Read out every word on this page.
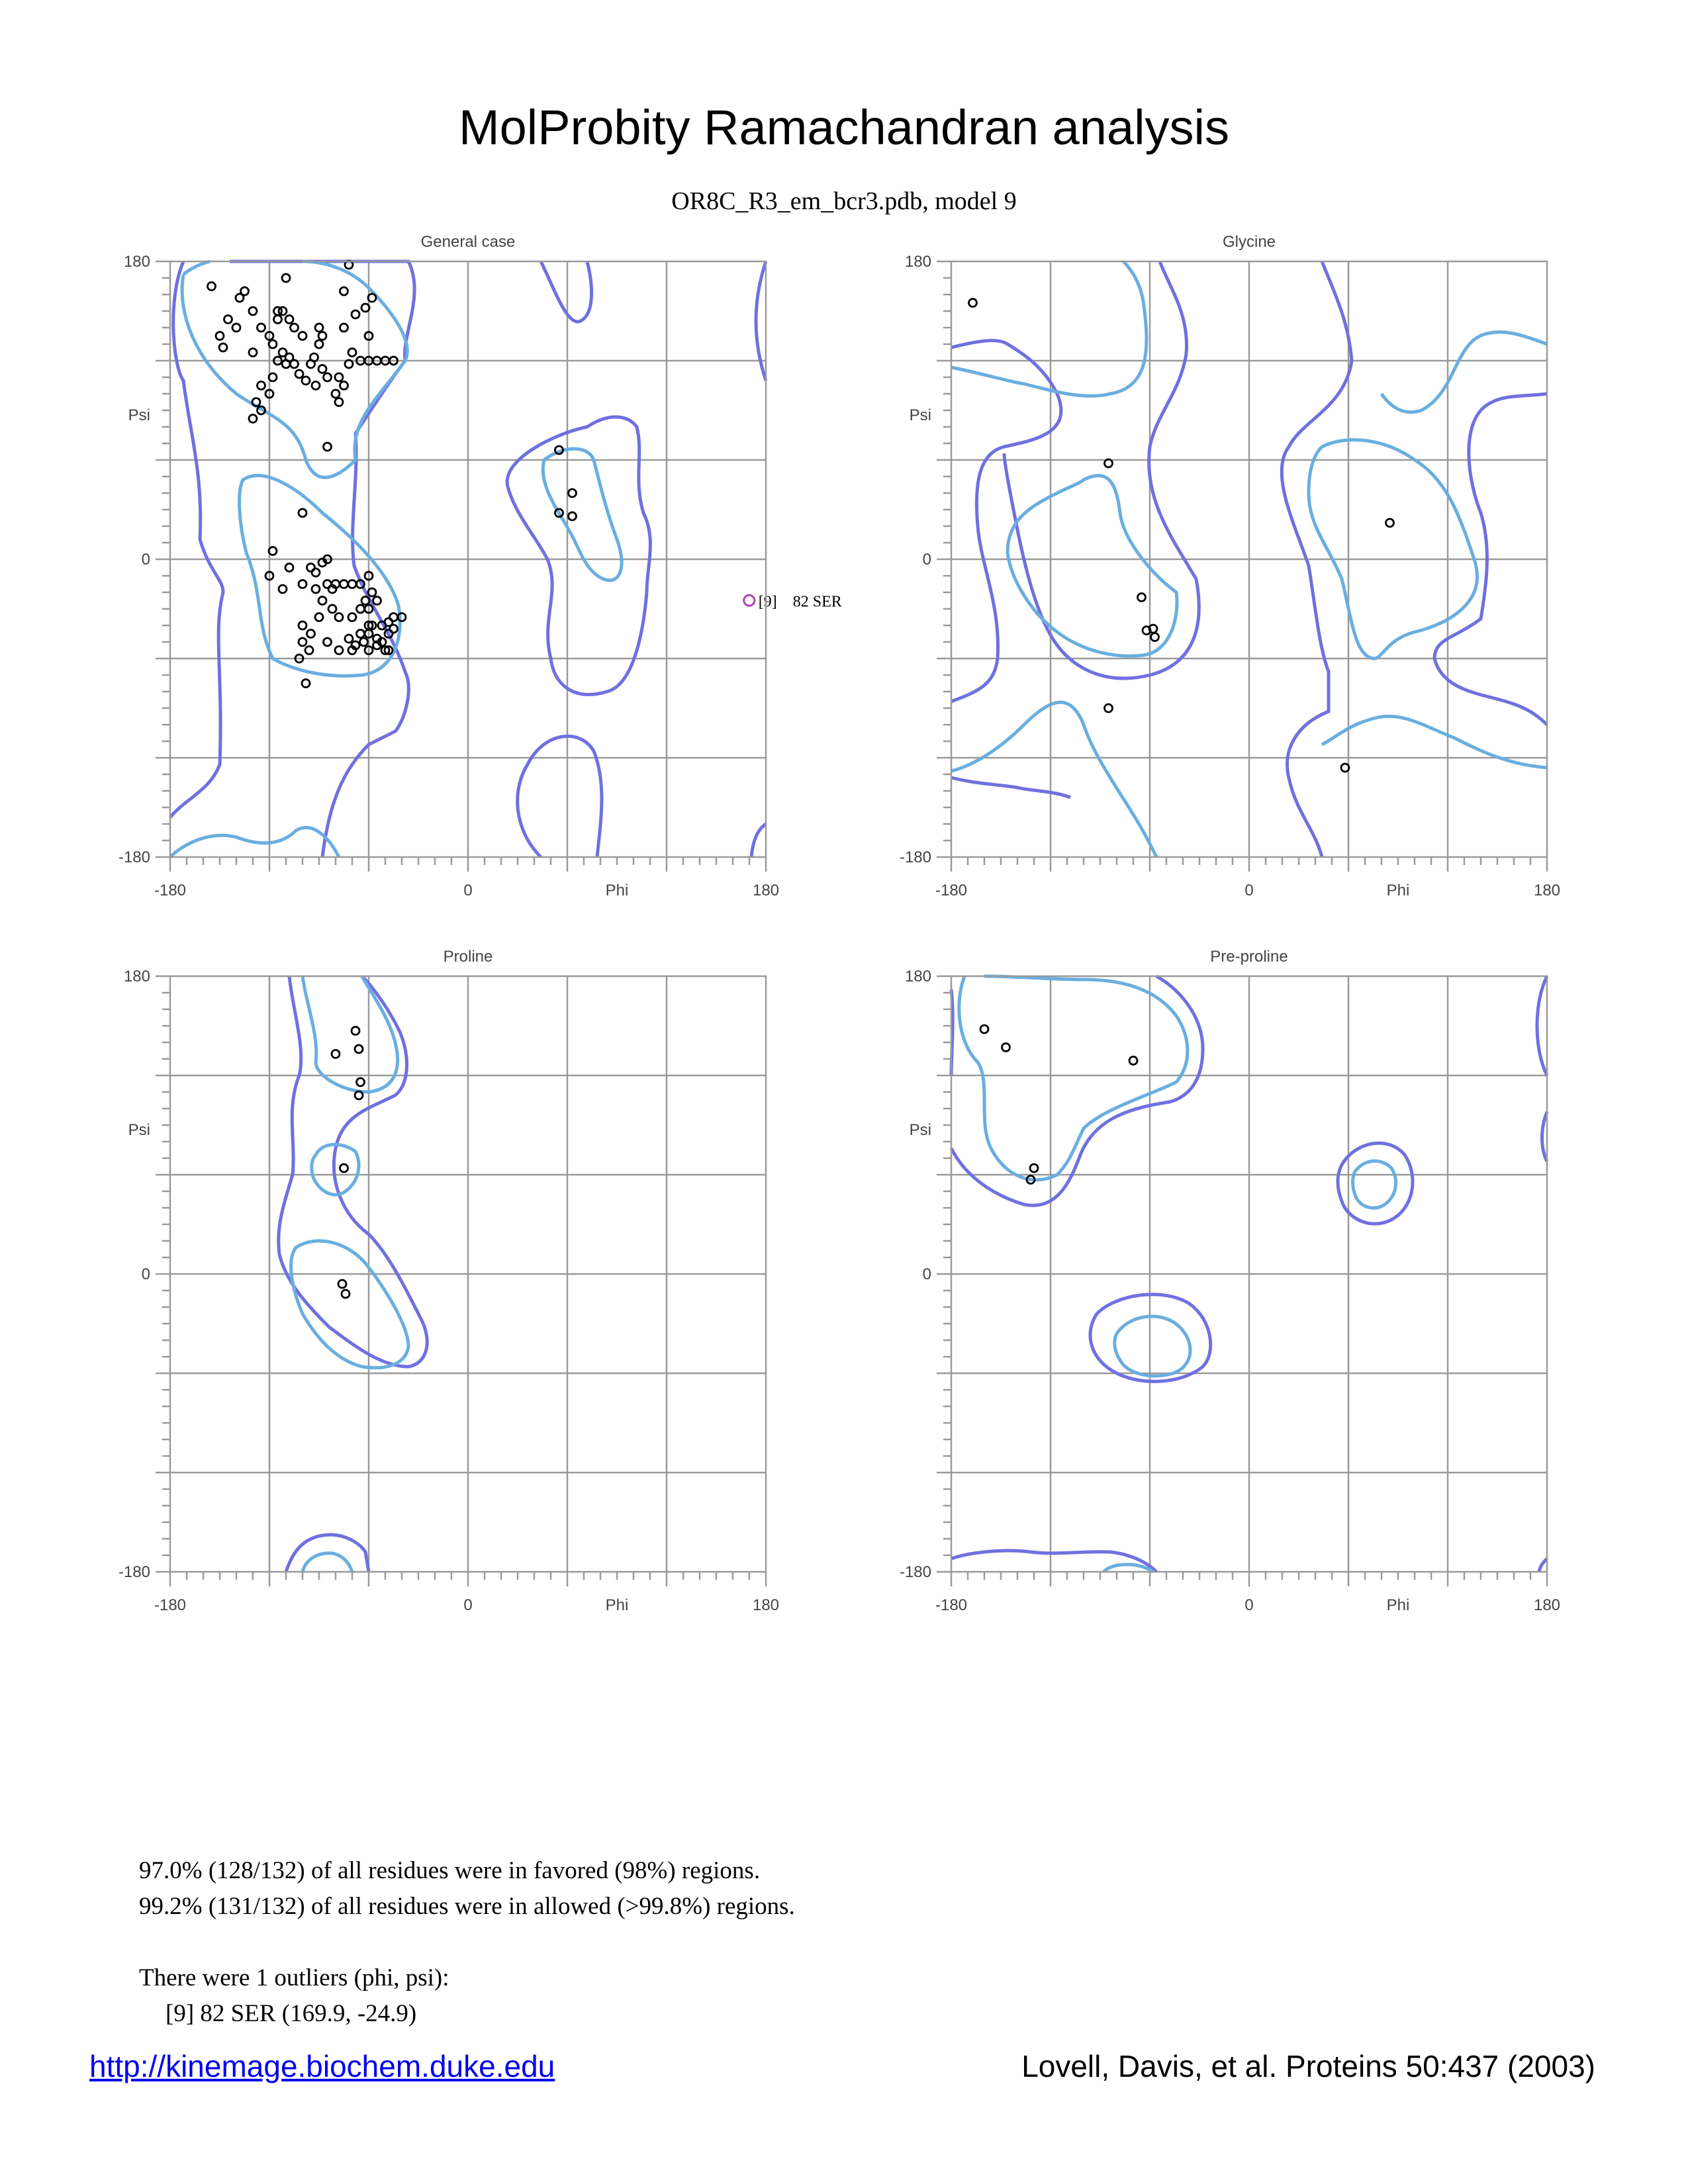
MolProbity Ramachandran analysis
OR8C_R3_em_bcr3.pdb, model 9
[9]    82 SER
General case
-180	0	180
Phi
180
0
-180
Psi
Glycine
-180	0	180
Phi
180
0
-180
Psi
Proline
-180	0	180
Phi
180
0
-180
Psi
Pre-proline
-180	0	180
Phi
180
0
-180
Psi
97.0% (128/132) of all residues were in favored (98%) regions.
99.2% (131/132) of all residues were in allowed (>99.8%) regions.
There were 1 outliers (phi, psi):
[9] 82 SER (169.9, -24.9)
http://kinemage.biochem.duke.edu	Lovell, Davis, et al. Proteins 50:437 (2003)
